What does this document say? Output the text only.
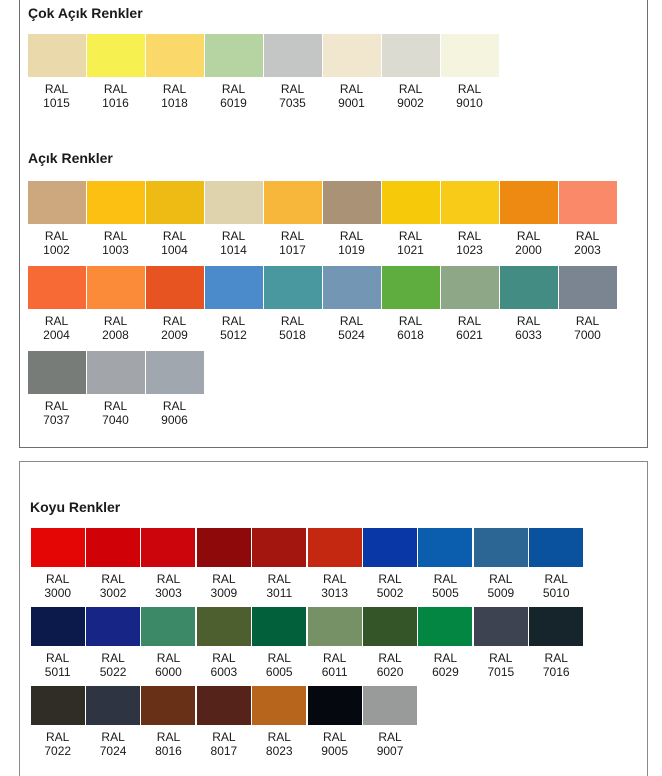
Çok Açık Renkler
RAL
1015
RAL
1016
RAL
1018
RAL
6019
RAL
7035
RAL
9001
RAL
9002
RAL
9010
Açık Renkler
RAL
1002
RAL
1003
RAL
1004
RAL
1014
RAL
1017
RAL
1019
RAL
1021
RAL
1023
RAL
2000
RAL
2003
RAL
2004
RAL
2008
RAL
2009
RAL
5012
RAL
5018
RAL
5024
RAL
6018
RAL
6021
RAL
6033
RAL
7000
RAL
7037
RAL
7040
RAL
9006
Koyu Renkler
RAL
3000
RAL
3002
RAL
3003
RAL
3009
RAL
3011
RAL
3013
RAL
5002
RAL
5005
RAL
5009
RAL
5010
RAL
5011
RAL
5022
RAL
6000
RAL
6003
RAL
6005
RAL
6011
RAL
6020
RAL
6029
RAL
7015
RAL
7016
RAL
7022
RAL
7024
RAL
8016
RAL
8017
RAL
8023
RAL
9005
RAL
9007
